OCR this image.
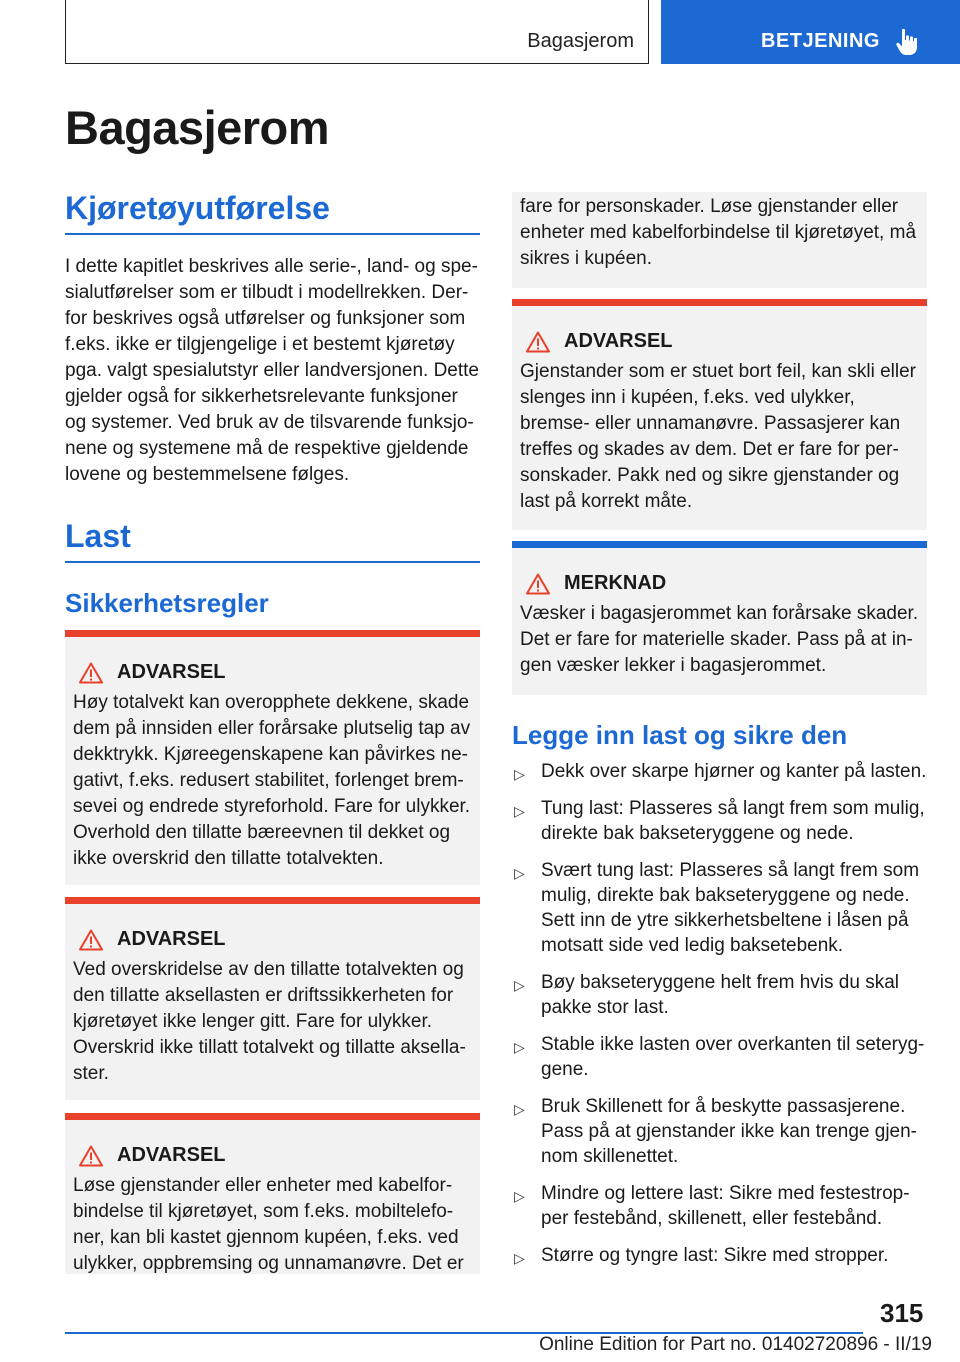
Bagasjerom	BETJENING
Bagasjerom
Kjøretøyutførelse

I dette kapitlet beskrives alle serie-, land- og spe-sialutførelser som er tilbudt i modellrekken. Der-for beskrives også utførelser og funksjoner som f.eks. ikke er tilgjengelige i et bestemt kjøretøy pga. valgt spesialutstyr eller landversjonen. Dette gjelder også for sikkerhetsrelevante funksjoner og systemer. Ved bruk av de tilsvarende funksjo-nene og systemene må de respektive gjeldende lovene og bestemmelsene følges.

Last
Sikkerhetsregler
ADVARSEL

Høy totalvekt kan overopphete dekkene, skade dem på innsiden eller forårsake plutselig tap av dekktrykk. Kjøreegenskapene kan påvirkes ne-gativt, f.eks. redusert stabilitet, forlenget brem-sevei og endrede styreforhold. Fare for ulykker. Overhold den tillatte bæreevnen til dekket og ikke overskrid den tillatte totalvekten.

ADVARSEL

Ved overskridelse av den tillatte totalvekten og den tillatte aksellasten er driftssikkerheten for kjøretøyet ikke lenger gitt. Fare for ulykker. Overskrid ikke tillatt totalvekt og tillatte aksella-ster.

ADVARSEL

Løse gjenstander eller enheter med kabelfor-bindelse til kjøretøyet, som f.eks. mobiltelefo-ner, kan bli kastet gjennom kupéen, f.eks. ved ulykker, oppbremsing og unnamanøvre. Det er

fare for personskader. Løse gjenstander eller enheter med kabelforbindelse til kjøretøyet, må sikres i kupéen.

ADVARSEL

Gjenstander som er stuet bort feil, kan skli eller slenges inn i kupéen, f.eks. ved ulykker, bremse- eller unnamanøvre. Passasjerer kan treffes og skades av dem. Det er fare for per-sonskader. Pakk ned og sikre gjenstander og last på korrekt måte.

MERKNAD

Væsker i bagasjerommet kan forårsake skader. Det er fare for materielle skader. Pass på at in-gen væsker lekker i bagasjerommet.

Legge inn last og sikre den
▷ Dekk over skarpe hjørner og kanter på lasten.
▷ Tung last: Plasseres så langt frem som mulig, direkte bak bakseteryggene og nede.
▷ Svært tung last: Plasseres så langt frem som mulig, direkte bak bakseteryggene og nede. Sett inn de ytre sikkerhetsbeltene i låsen på motsatt side ved ledig baksetebenk.
▷ Bøy bakseteryggene helt frem hvis du skal pakke stor last.
▷ Stable ikke lasten over overkanten til seteryg-gene.
▷ Bruk Skillenett for å beskytte passasjerene. Pass på at gjenstander ikke kan trenge gjen-nom skillenettet.
▷ Mindre og lettere last: Sikre med festestrop-per festebånd, skillenett, eller festebånd.
▷ Større og tyngre last: Sikre med stropper.
315
Online Edition for Part no. 01402720896 - II/19
